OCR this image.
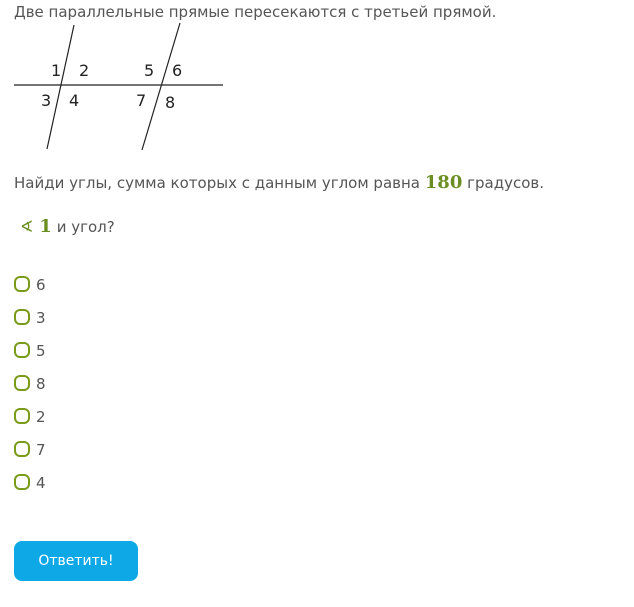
Две параллельные прямые пересекаются с третьей прямой.
1 2
3 4
5 6
7 8
Найди углы, сумма которых с данным углом равна 180 градусов.
∢ 1 и угол?
6
3
5
8
2
7
4
Ответить!
